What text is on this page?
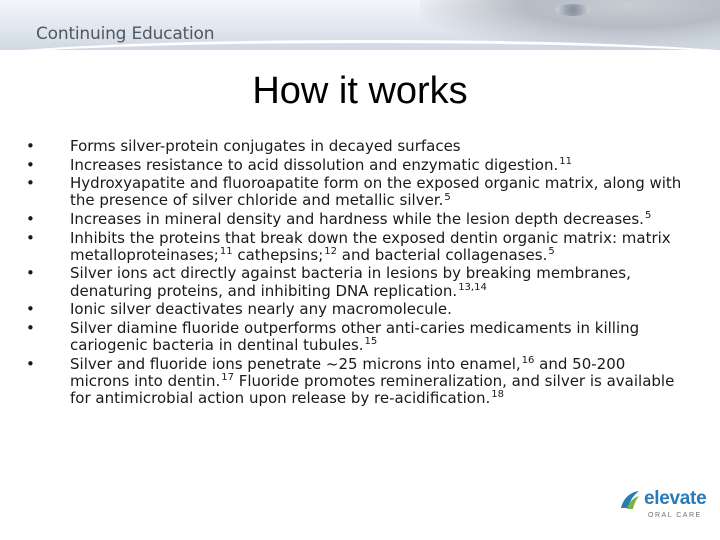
Continuing Education
How it works
•	Forms silver-protein conjugates in decayed surfaces
•	Increases resistance to acid dissolution and enzymatic digestion.$^{11}$
•	Hydroxyapatite and fluoroapatite form on the exposed organic matrix, along with the presence of silver chloride and metallic silver.$^5$
•	Increases in mineral density and hardness while the lesion depth decreases.$^5$
•	Inhibits the proteins that break down the exposed dentin organic matrix: matrix metalloproteinases;$^{11}$ cathepsins;$^{12}$ and bacterial collagenases.$^5$
•	Silver ions act directly against bacteria in lesions by breaking membranes, denaturing proteins, and inhibiting DNA replication.$^{13,14}$
•	Ionic silver deactivates nearly any macromolecule.
•	Silver diamine fluoride outperforms other anti-caries medicaments in killing cariogenic bacteria in dentinal tubules.$^{15}$
•	Silver and fluoride ions penetrate ~25 microns into enamel,$^{16}$ and 50-200 microns into dentin.$^{17}$ Fluoride promotes remineralization, and silver is available for antimicrobial action upon release by re-acidification.$^{18}$
elevate
ORAL CARE
